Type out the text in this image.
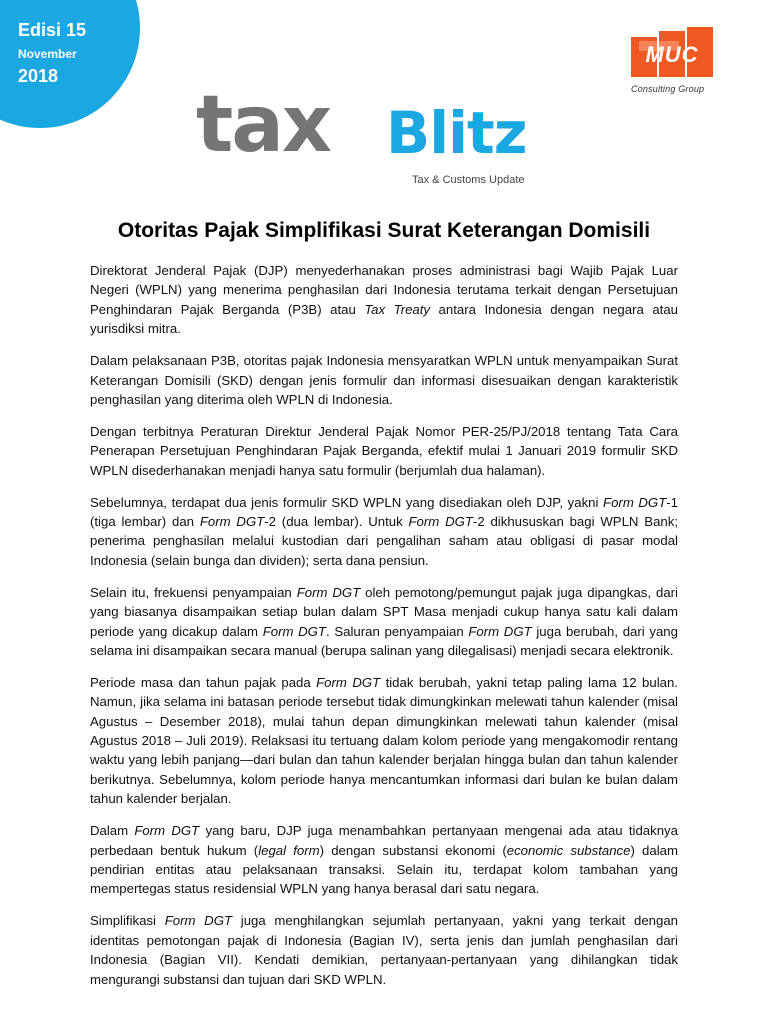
Edisi 15
November
2018
MUC
Consulting Group
tax Blitz
Tax & Customs Update
Otoritas Pajak Simplifikasi Surat Keterangan Domisili

Direktorat Jenderal Pajak (DJP) menyederhanakan proses administrasi bagi Wajib Pajak Luar Negeri (WPLN) yang menerima penghasilan dari Indonesia terutama terkait dengan Persetujuan Penghindaran Pajak Berganda (P3B) atau Tax Treaty antara Indonesia dengan negara atau yurisdiksi mitra.

Dalam pelaksanaan P3B, otoritas pajak Indonesia mensyaratkan WPLN untuk menyampaikan Surat Keterangan Domisili (SKD) dengan jenis formulir dan informasi disesuaikan dengan karakteristik penghasilan yang diterima oleh WPLN di Indonesia.

Dengan terbitnya Peraturan Direktur Jenderal Pajak Nomor PER-25/PJ/2018 tentang Tata Cara Penerapan Persetujuan Penghindaran Pajak Berganda, efektif mulai 1 Januari 2019 formulir SKD WPLN disederhanakan menjadi hanya satu formulir (berjumlah dua halaman).

Sebelumnya, terdapat dua jenis formulir SKD WPLN yang disediakan oleh DJP, yakni Form DGT-1 (tiga lembar) dan Form DGT-2 (dua lembar). Untuk Form DGT-2 dikhususkan bagi WPLN Bank; penerima penghasilan melalui kustodian dari pengalihan saham atau obligasi di pasar modal Indonesia (selain bunga dan dividen); serta dana pensiun.

Selain itu, frekuensi penyampaian Form DGT oleh pemotong/pemungut pajak juga dipangkas, dari yang biasanya disampaikan setiap bulan dalam SPT Masa menjadi cukup hanya satu kali dalam periode yang dicakup dalam Form DGT. Saluran penyampaian Form DGT juga berubah, dari yang selama ini disampaikan secara manual (berupa salinan yang dilegalisasi) menjadi secara elektronik.

Periode masa dan tahun pajak pada Form DGT tidak berubah, yakni tetap paling lama 12 bulan. Namun, jika selama ini batasan periode tersebut tidak dimungkinkan melewati tahun kalender (misal Agustus – Desember 2018), mulai tahun depan dimungkinkan melewati tahun kalender (misal Agustus 2018 – Juli 2019). Relaksasi itu tertuang dalam kolom periode yang mengakomodir rentang waktu yang lebih panjang—dari bulan dan tahun kalender berjalan hingga bulan dan tahun kalender berikutnya. Sebelumnya, kolom periode hanya mencantumkan informasi dari bulan ke bulan dalam tahun kalender berjalan.

Dalam Form DGT yang baru, DJP juga menambahkan pertanyaan mengenai ada atau tidaknya perbedaan bentuk hukum (legal form) dengan substansi ekonomi (economic substance) dalam pendirian entitas atau pelaksanaan transaksi. Selain itu, terdapat kolom tambahan yang mempertegas status residensial WPLN yang hanya berasal dari satu negara.

Simplifikasi Form DGT juga menghilangkan sejumlah pertanyaan, yakni yang terkait dengan identitas pemotongan pajak di Indonesia (Bagian IV), serta jenis dan jumlah penghasilan dari Indonesia (Bagian VII). Kendati demikian, pertanyaan-pertanyaan yang dihilangkan tidak mengurangi substansi dan tujuan dari SKD WPLN.
